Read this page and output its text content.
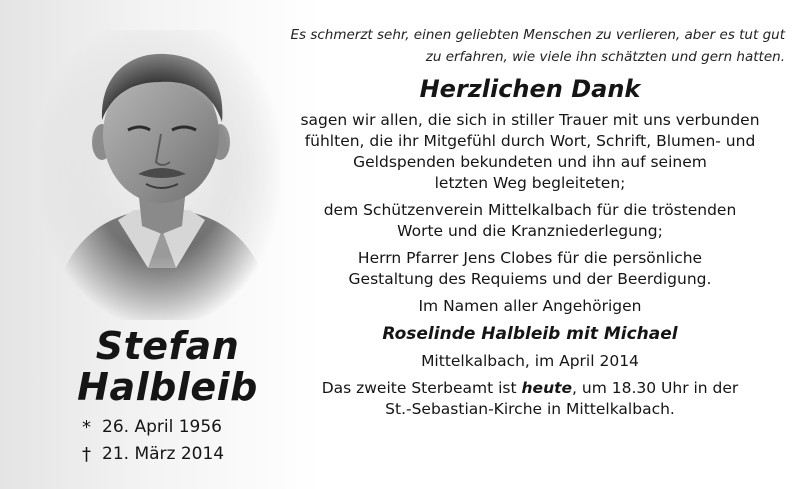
Stefan
Halbleib
* 26. April 1956
† 21. März 2014
Es schmerzt sehr, einen geliebten Menschen zu verlieren, aber es tut gut
zu erfahren, wie viele ihn schätzten und gern hatten.
Herzlichen Dank
sagen wir allen, die sich in stiller Trauer mit uns verbunden
fühlten, die ihr Mitgefühl durch Wort, Schrift, Blumen- und
Geldspenden bekundeten und ihn auf seinem
letzten Weg begleiteten;
dem Schützenverein Mittelkalbach für die tröstenden
Worte und die Kranzniederlegung;
Herrn Pfarrer Jens Clobes für die persönliche
Gestaltung des Requiems und der Beerdigung.
Im Namen aller Angehörigen
Roselinde Halbleib mit Michael
Mittelkalbach, im April 2014
Das zweite Sterbeamt ist heute, um 18.30 Uhr in der
St.-Sebastian-Kirche in Mittelkalbach.
